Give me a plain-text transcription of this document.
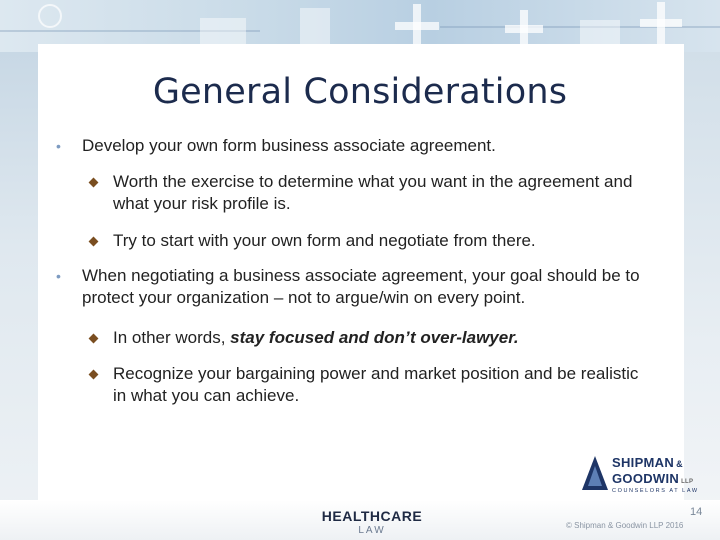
General Considerations
• Develop your own form business associate agreement.
Worth the exercise to determine what you want in the agreement and
what your risk profile is.
Try to start with your own form and negotiate from there.
• When negotiating a business associate agreement, your goal should be to
protect your organization – not to argue/win on every point.
In other words, stay focused and don’t over-lawyer.
Recognize your bargaining power and market position and be realistic
in what you can achieve.
HEALTHCARE
LAW
SHIPMAN &
GOODWIN LLP
COUNSELORS AT LAW
14
© Shipman & Goodwin LLP 2016
